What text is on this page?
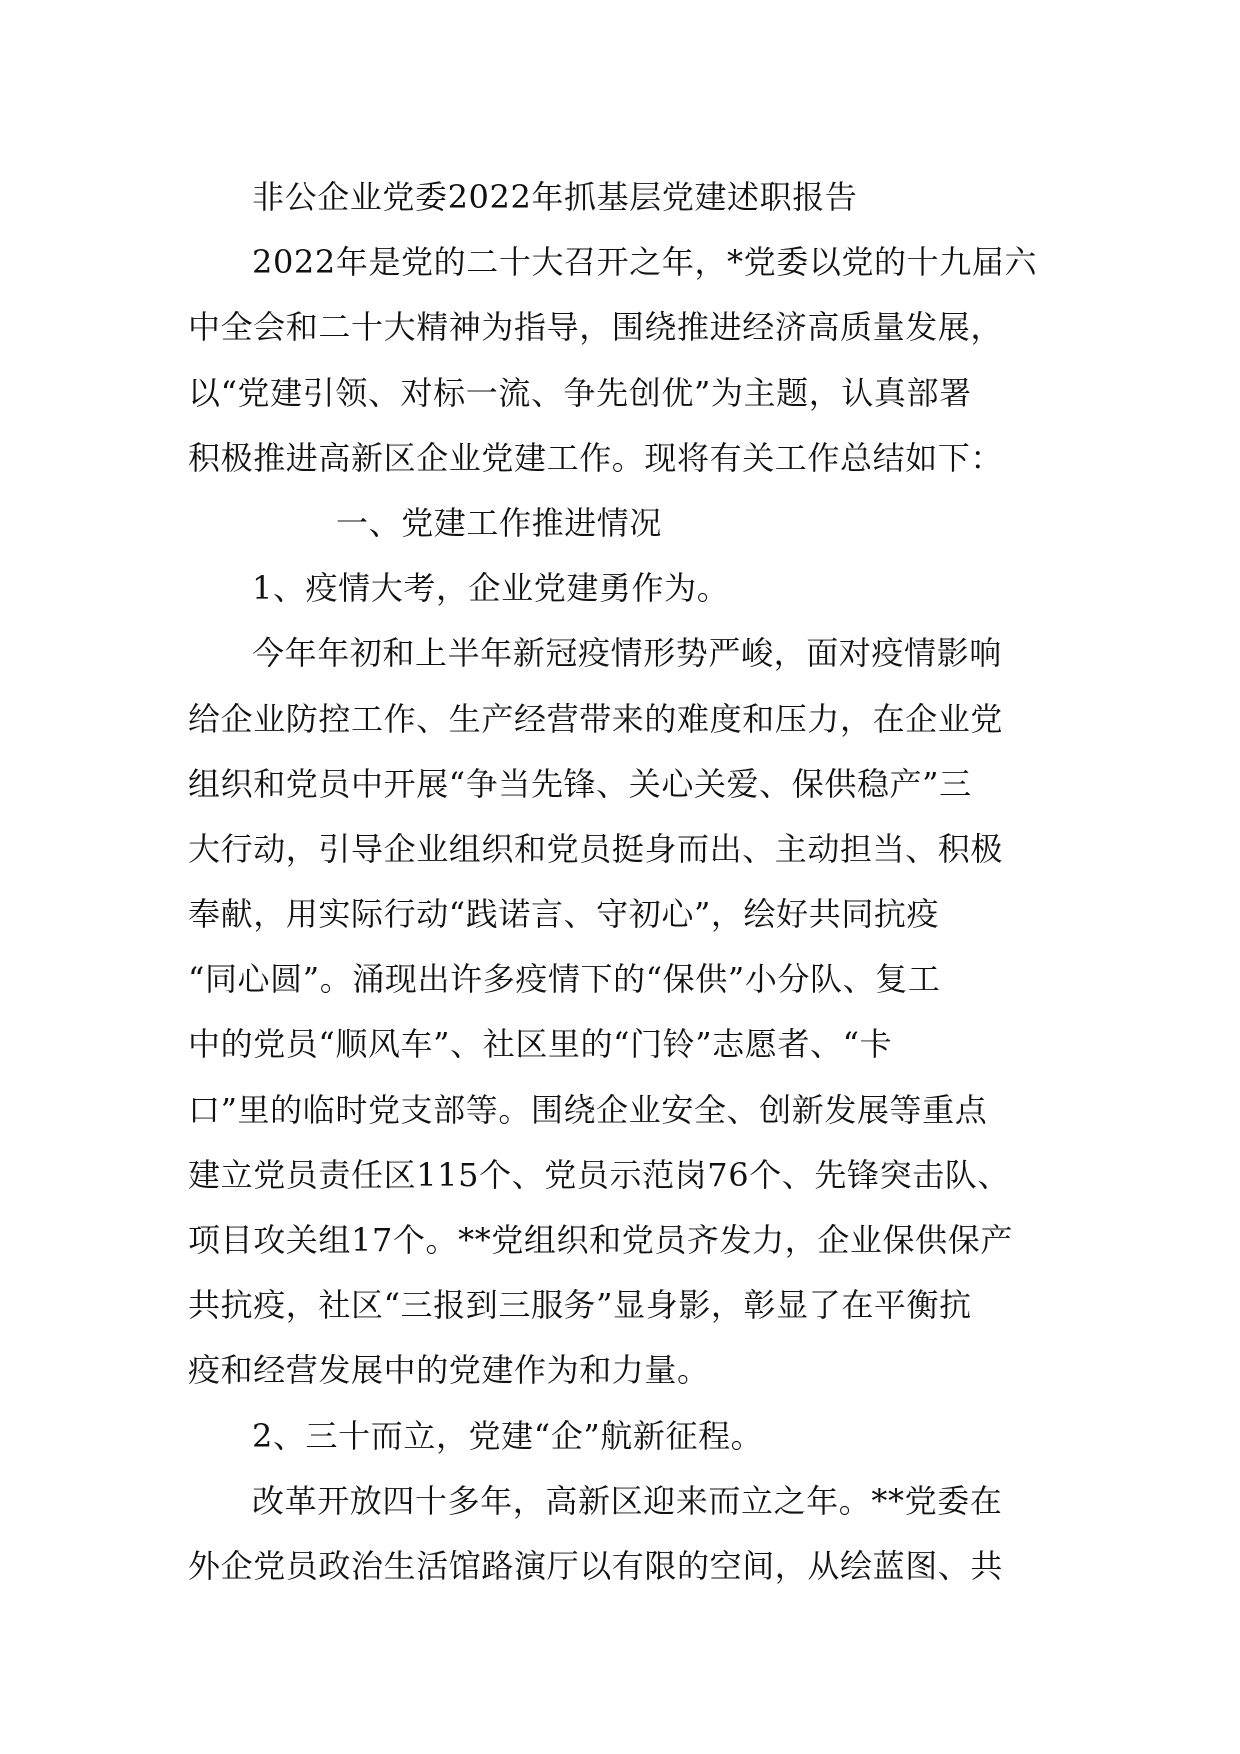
非公企业党委2022年抓基层党建述职报告
2022年是党的二十大召开之年，*党委以党的十九届六
中全会和二十大精神为指导，围绕推进经济高质量发展，
以“党建引领、对标一流、争先创优”为主题，认真部署
积极推进高新区企业党建工作。现将有关工作总结如下：
一、党建工作推进情况
1、疫情大考，企业党建勇作为。
今年年初和上半年新冠疫情形势严峻，面对疫情影响
给企业防控工作、生产经营带来的难度和压力，在企业党
组织和党员中开展“争当先锋、关心关爱、保供稳产”三
大行动，引导企业组织和党员挺身而出、主动担当、积极
奉献，用实际行动“践诺言、守初心”，绘好共同抗疫
“同心圆”。涌现出许多疫情下的“保供”小分队、复工
中的党员“顺风车”、社区里的“门铃”志愿者、“卡
口”里的临时党支部等。围绕企业安全、创新发展等重点
建立党员责任区115个、党员示范岗76个、先锋突击队、
项目攻关组17个。**党组织和党员齐发力，企业保供保产
共抗疫，社区“三报到三服务”显身影，彰显了在平衡抗
疫和经营发展中的党建作为和力量。
2、三十而立，党建“企”航新征程。
改革开放四十多年，高新区迎来而立之年。**党委在
外企党员政治生活馆路演厅以有限的空间，从绘蓝图、共
